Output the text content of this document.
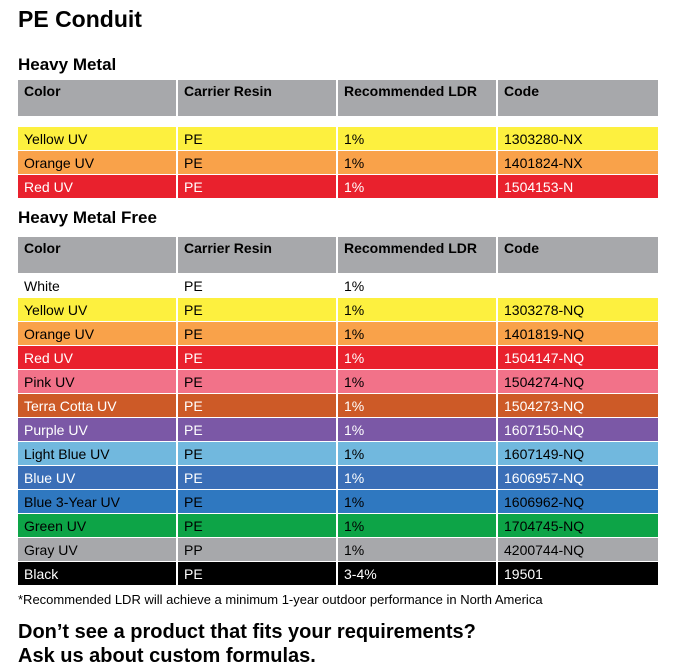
PE Conduit
Heavy Metal
Color	Carrier Resin	Recommended LDR	Code

Yellow UV	PE	1%	1303280-NX
Orange UV	PE	1%	1401824-NX
Red UV	PE	1%	1504153-N
Heavy Metal Free
Color	Carrier Resin	Recommended LDR	Code
White	PE	1%	
Yellow UV	PE	1%	1303278-NQ
Orange UV	PE	1%	1401819-NQ
Red UV	PE	1%	1504147-NQ
Pink UV	PE	1%	1504274-NQ
Terra Cotta UV	PE	1%	1504273-NQ
Purple UV	PE	1%	1607150-NQ
Light Blue UV	PE	1%	1607149-NQ
Blue UV	PE	1%	1606957-NQ
Blue 3-Year UV	PE	1%	1606962-NQ
Green UV	PE	1%	1704745-NQ
Gray UV	PP	1%	4200744-NQ
Black	PE	3-4%	19501

*Recommended LDR will achieve a minimum 1-year outdoor performance in North America

Don’t see a product that fits your requirements?
Ask us about custom formulas.
